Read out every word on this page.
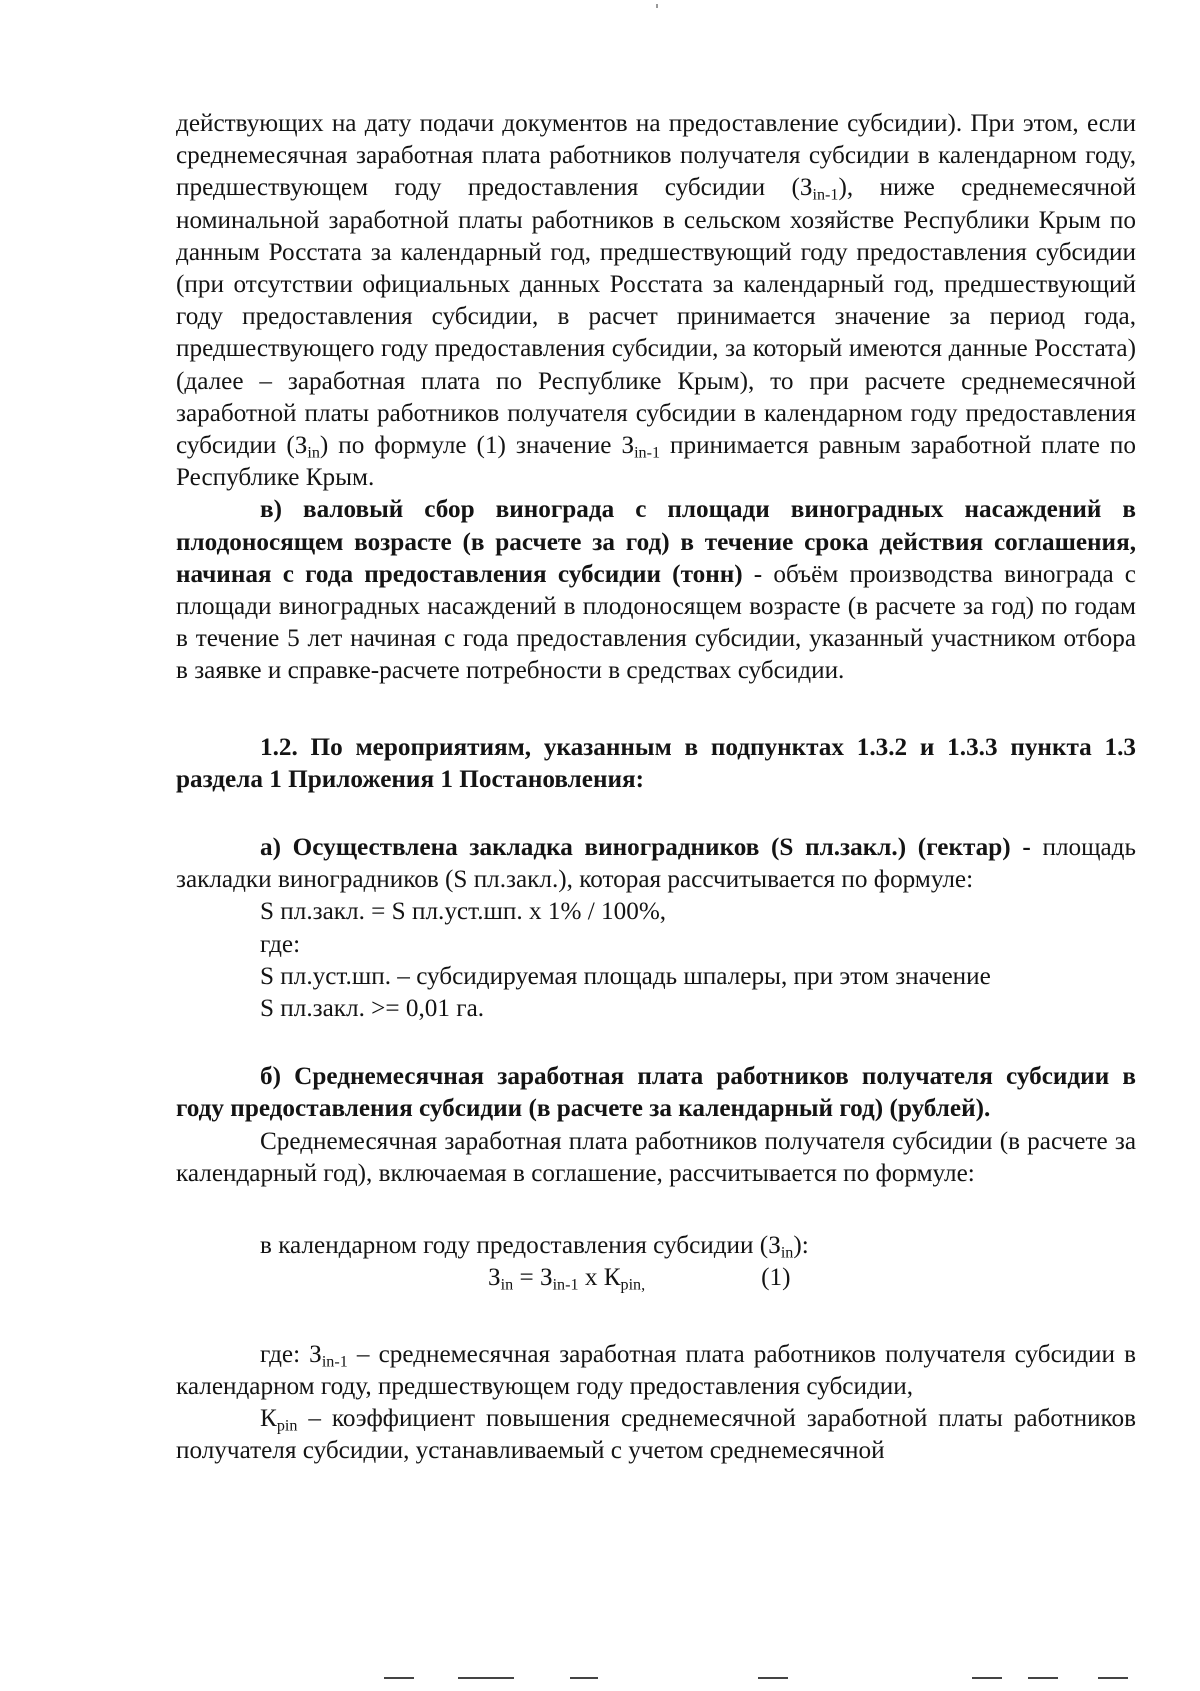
действующих на дату подачи документов на предоставление субсидии). При этом, если среднемесячная заработная плата работников получателя субсидии в календарном году, предшествующем году предоставления субсидии $(З_{in-1})$, ниже среднемесячной номинальной заработной платы работников в сельском хозяйстве Республики Крым по данным Росстата за календарный год, предшествующий году предоставления субсидии (при отсутствии официальных данных Росстата за календарный год, предшествующий году предоставления субсидии, в расчет принимается значение за период года, предшествующего году предоставления субсидии, за который имеются данные Росстата) (далее – заработная плата по Республике Крым), то при расчете среднемесячной заработной платы работников получателя субсидии в календарном году предоставления субсидии $(З_{in})$ по формуле (1) значение $З_{in-1}$ принимается равным заработной плате по Республике Крым.

в) валовый сбор винограда с площади виноградных насаждений в плодоносящем возрасте (в расчете за год) в течение срока действия соглашения, начиная с года предоставления субсидии (тонн) - объём производства винограда с площади виноградных насаждений в плодоносящем возрасте (в расчете за год) по годам в течение 5 лет начиная с года предоставления субсидии, указанный участником отбора в заявке и справке-расчете потребности в средствах субсидии.

1.2. По мероприятиям, указанным в подпунктах 1.3.2 и 1.3.3 пункта 1.3 раздела 1 Приложения 1 Постановления:

а) Осуществлена закладка виноградников (S пл.закл.) (гектар) - площадь закладки виноградников (S пл.закл.), которая рассчитывается по формуле:

S пл.закл. = S пл.уст.шп. х 1% / 100%,

где:

S пл.уст.шп. – субсидируемая площадь шпалеры, при этом значение

S пл.закл. >= 0,01 га.

б) Среднемесячная заработная плата работников получателя субсидии в году предоставления субсидии (в расчете за календарный год) (рублей).

Среднемесячная заработная плата работников получателя субсидии (в расчете за календарный год), включаемая в соглашение, рассчитывается по формуле:

в календарном году предоставления субсидии $(З_{in})$:

$З_{in} = З_{in-1}$ х $К_{pin,}$	(1)

где: $З_{in-1}$ – среднемесячная заработная плата работников получателя субсидии в календарном году, предшествующем году предоставления субсидии,

$К_{pin}$ – коэффициент повышения среднемесячной заработной платы работников получателя субсидии, устанавливаемый с учетом среднемесячной
